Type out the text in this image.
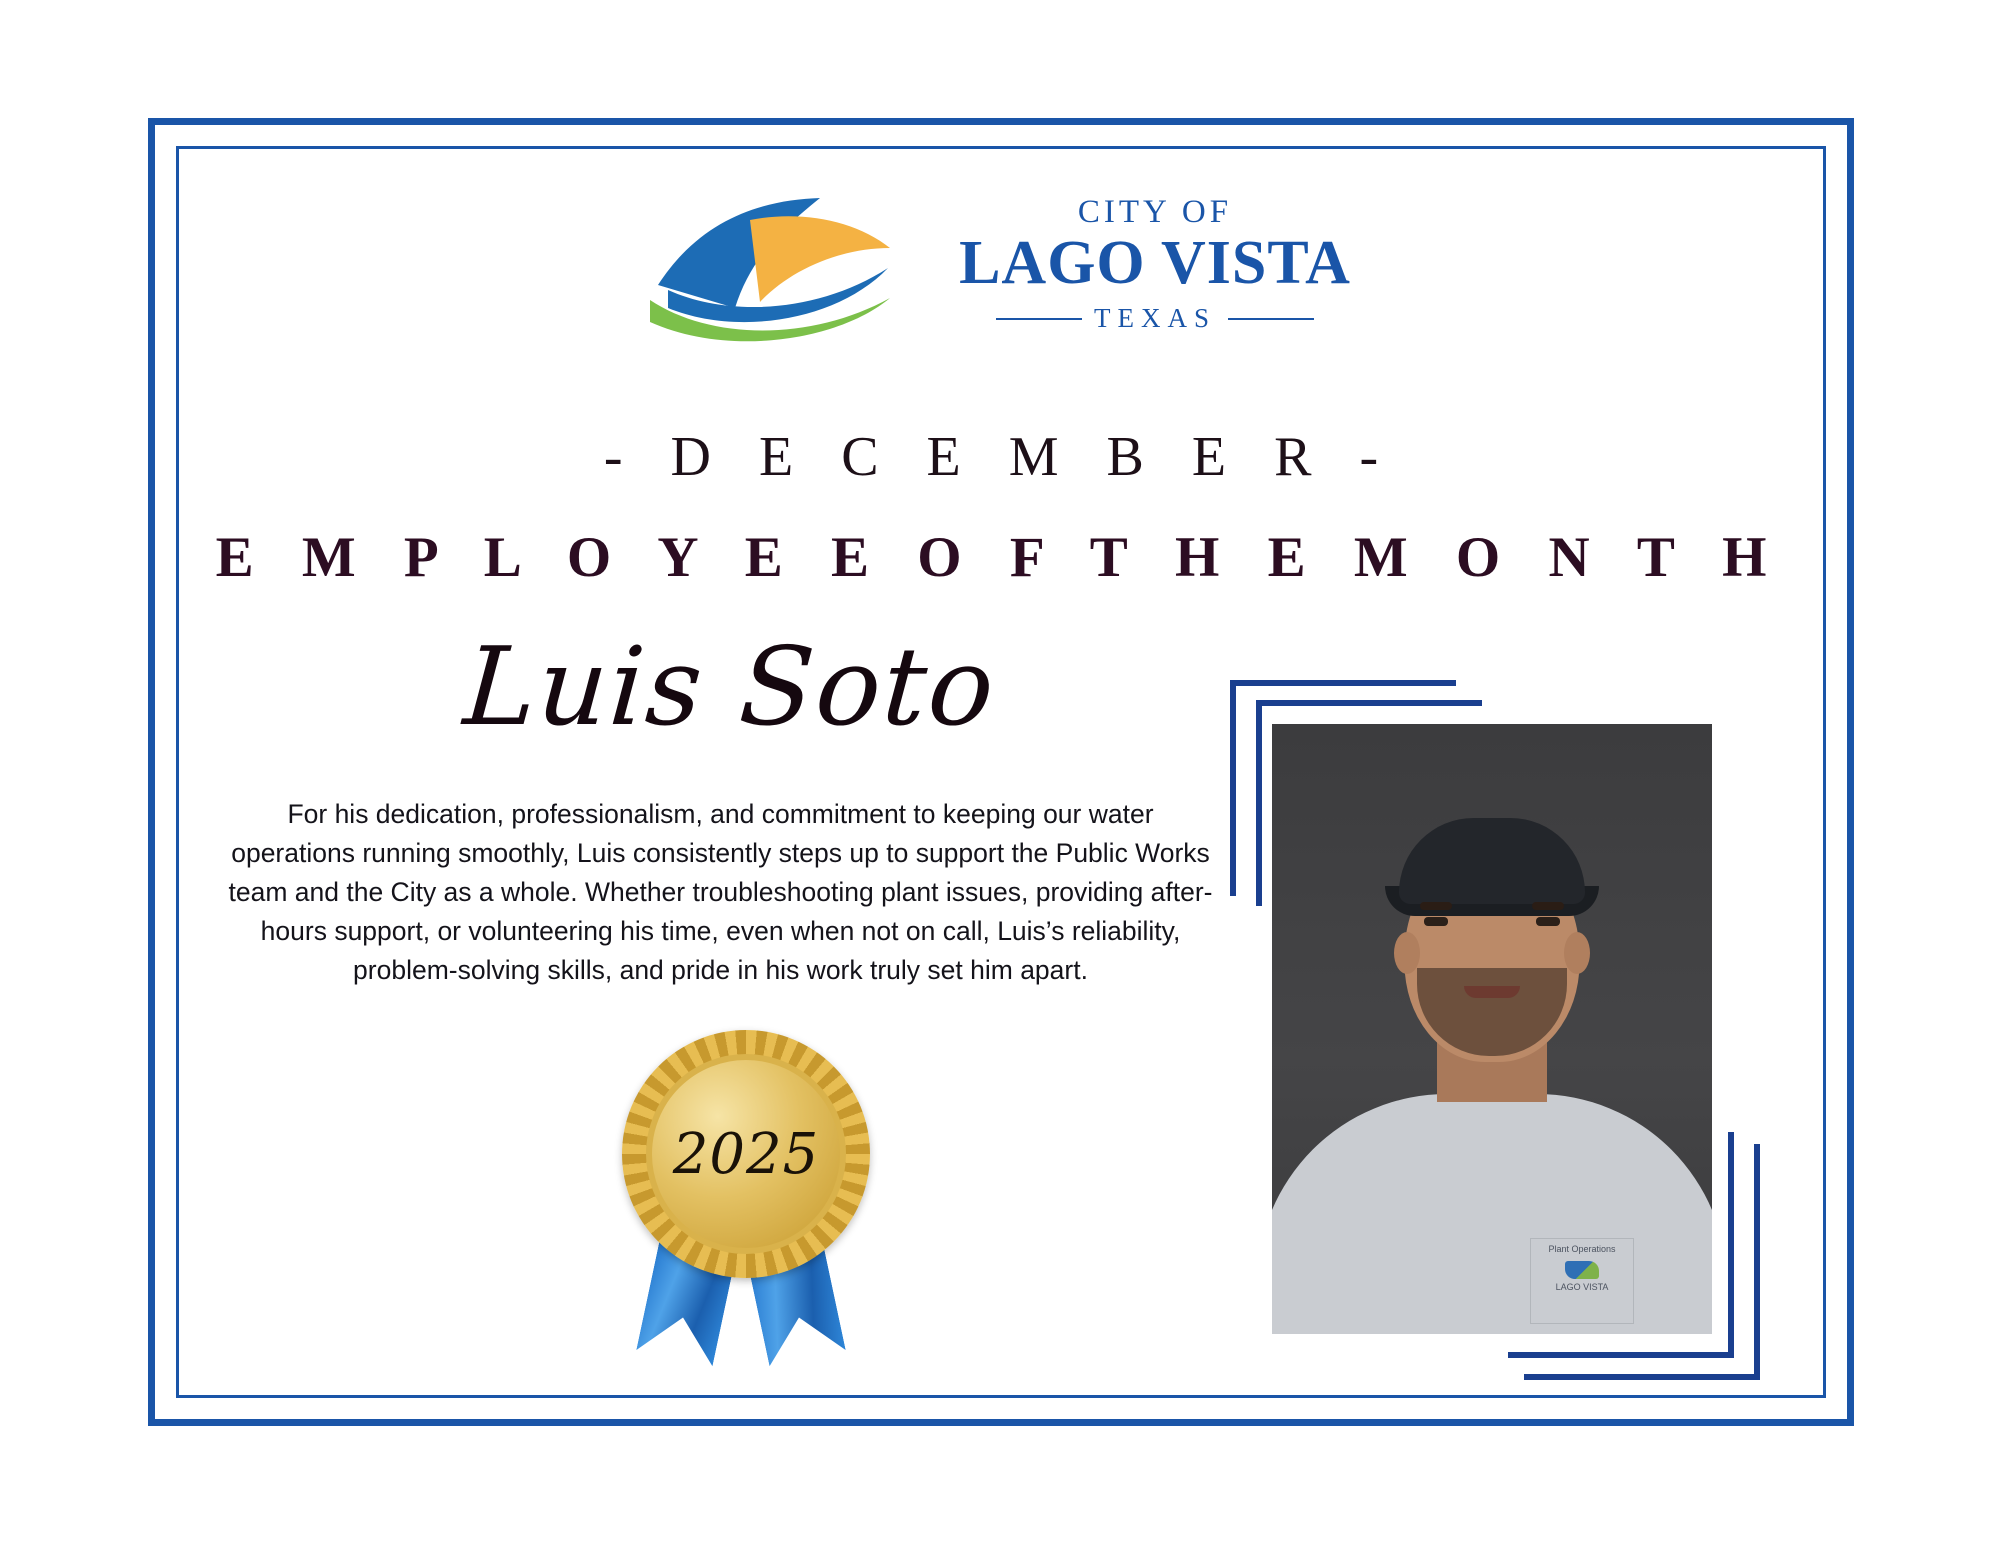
CITY OF
LAGO VISTA
TEXAS
- D E C E M B E R -
E M P L O Y E E O F T H E M O N T H
Luis Soto
For his dedication, professionalism, and commitment to keeping our water operations running smoothly, Luis consistently steps up to support the Public Works team and the City as a whole. Whether troubleshooting plant issues, providing after-hours support, or volunteering his time, even when not on call, Luis’s reliability, problem-solving skills, and pride in his work truly set him apart.
2025
Plant Operations
LAGO VISTA
